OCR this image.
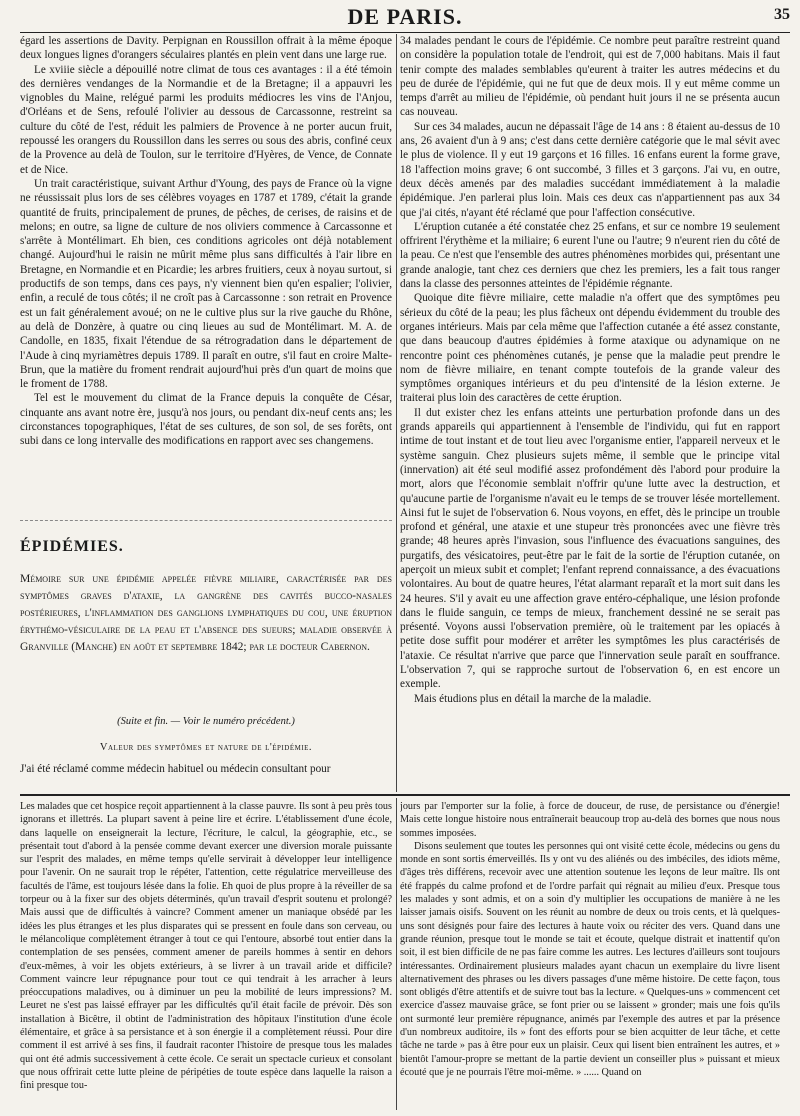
DE PARIS.	35

égard les assertions de Davity. Perpignan en Roussillon offrait à la même époque deux longues lignes d'orangers séculaires plantés en plein vent dans une large rue.

Le xviiie siècle a dépouillé notre climat de tous ces avantages : il a été témoin des dernières vendanges de la Normandie et de la Bretagne; il a appauvri les vignobles du Maine, relégué parmi les produits médiocres les vins de l'Anjou, d'Orléans et de Sens, refoulé l'olivier au dessous de Carcassonne, restreint sa culture du côté de l'est, réduit les palmiers de Provence à ne porter aucun fruit, repoussé les orangers du Roussillon dans les serres ou sous des abris, confiné ceux de la Provence au delà de Toulon, sur le territoire d'Hyères, de Vence, de Connate et de Nice.

Un trait caractéristique, suivant Arthur d'Young, des pays de France où la vigne ne réussissait plus lors de ses célèbres voyages en 1787 et 1789, c'était la grande quantité de fruits, principalement de prunes, de pêches, de cerises, de raisins et de melons; en outre, sa ligne de culture de nos oliviers commence à Carcassonne et s'arrête à Montélimart. Eh bien, ces conditions agricoles ont déjà notablement changé. Aujourd'hui le raisin ne mûrit même plus sans difficultés à l'air libre en Bretagne, en Normandie et en Picardie; les arbres fruitiers, ceux à noyau surtout, si productifs de son temps, dans ces pays, n'y viennent bien qu'en espalier; l'olivier, enfin, a reculé de tous côtés; il ne croît pas à Carcassonne : son retrait en Provence est un fait généralement avoué; on ne le cultive plus sur la rive gauche du Rhône, au delà de Donzère, à quatre ou cinq lieues au sud de Montélimart. M. A. de Candolle, en 1835, fixait l'étendue de sa rétrogradation dans le département de l'Aude à cinq myriamètres depuis 1789. Il paraît en outre, s'il faut en croire Malte-Brun, que la matière du froment rendrait aujourd'hui près d'un quart de moins que le froment de 1788.

Tel est le mouvement du climat de la France depuis la conquête de César, cinquante ans avant notre ère, jusqu'à nos jours, ou pendant dix-neuf cents ans; les circonstances topographiques, l'état de ses cultures, de son sol, de ses forêts, ont subi dans ce long intervalle des modifications en rapport avec ses changemens.

ÉPIDÉMIES.
Mémoire sur une épidémie appelée fièvre miliaire, caractérisée par des symptômes graves d'ataxie, la gangrène des cavités bucco-nasales postérieures, l'inflammation des ganglions lymphatiques du cou, une éruption érythémo-vésiculaire de la peau et l'absence des sueurs; maladie observée à Granville (Manche) en août et septembre 1842; par le docteur Cabernon.
(Suite et fin. — Voir le numéro précédent.)
Valeur des symptômes et nature de l'épidémie.
J'ai été réclamé comme médecin habituel ou médecin consultant pour

34 malades pendant le cours de l'épidémie. Ce nombre peut paraître restreint quand on considère la population totale de l'endroit, qui est de 7,000 habitans. Mais il faut tenir compte des malades semblables qu'eurent à traiter les autres médecins et du peu de durée de l'épidémie, qui ne fut que de deux mois. Il y eut même comme un temps d'arrêt au milieu de l'épidémie, où pendant huit jours il ne se présenta aucun cas nouveau.

Sur ces 34 malades, aucun ne dépassait l'âge de 14 ans : 8 étaient au-dessus de 10 ans, 26 avaient d'un à 9 ans; c'est dans cette dernière catégorie que le mal sévit avec le plus de violence. Il y eut 19 garçons et 16 filles. 16 enfans eurent la forme grave, 18 l'affection moins grave; 6 ont succombé, 3 filles et 3 garçons. J'ai vu, en outre, deux décès amenés par des maladies succédant immédiatement à la maladie épidémique. J'en parlerai plus loin. Mais ces deux cas n'appartiennent pas aux 34 que j'ai cités, n'ayant été réclamé que pour l'affection consécutive.

L'éruption cutanée a été constatée chez 25 enfans, et sur ce nombre 19 seulement offrirent l'érythème et la miliaire; 6 eurent l'une ou l'autre; 9 n'eurent rien du côté de la peau. Ce n'est que l'ensemble des autres phénomènes morbides qui, présentant une grande analogie, tant chez ces derniers que chez les premiers, les a fait tous ranger dans la classe des personnes atteintes de l'épidémie régnante.

Quoique dite fièvre miliaire, cette maladie n'a offert que des symptômes peu sérieux du côté de la peau; les plus fâcheux ont dépendu évidemment du trouble des organes intérieurs. Mais par cela même que l'affection cutanée a été assez constante, que dans beaucoup d'autres épidémies à forme ataxique ou adynamique on ne rencontre point ces phénomènes cutanés, je pense que la maladie peut prendre le nom de fièvre miliaire, en tenant compte toutefois de la grande valeur des symptômes organiques intérieurs et du peu d'intensité de la lésion externe. Je traiterai plus loin des caractères de cette éruption.

Il dut exister chez les enfans atteints une perturbation profonde dans un des grands appareils qui appartiennent à l'ensemble de l'individu, qui fut en rapport intime de tout instant et de tout lieu avec l'organisme entier, l'appareil nerveux et le système sanguin. Chez plusieurs sujets même, il semble que le principe vital (innervation) ait été seul modifié assez profondément dès l'abord pour produire la mort, alors que l'économie semblait n'offrir qu'une lutte avec la destruction, et qu'aucune partie de l'organisme n'avait eu le temps de se trouver lésée mortellement. Ainsi fut le sujet de l'observation 6. Nous voyons, en effet, dès le principe un trouble profond et général, une ataxie et une stupeur très prononcées avec une fièvre très grande; 48 heures après l'invasion, sous l'influence des évacuations sanguines, des purgatifs, des vésicatoires, peut-être par le fait de la sortie de l'éruption cutanée, on aperçoit un mieux subit et complet; l'enfant reprend connaissance, a des évacuations volontaires. Au bout de quatre heures, l'état alarmant reparaît et la mort suit dans les 24 heures. S'il y avait eu une affection grave entéro-céphalique, une lésion profonde dans le fluide sanguin, ce temps de mieux, franchement dessiné ne se serait pas présenté. Voyons aussi l'observation première, où le traitement par les opiacés à petite dose suffit pour modérer et arrêter les symptômes les plus caractérisés de l'ataxie. Ce résultat n'arrive que parce que l'innervation seule paraît en souffrance. L'observation 7, qui se rapproche surtout de l'observation 6, en est encore un exemple.

Mais étudions plus en détail la marche de la maladie.

Les malades que cet hospice reçoit appartiennent à la classe pauvre. Ils sont à peu près tous ignorans et illettrés. La plupart savent à peine lire et écrire. L'établissement d'une école, dans laquelle on enseignerait la lecture, l'écriture, le calcul, la géographie, etc., se présentait tout d'abord à la pensée comme devant exercer une diversion morale puissante sur l'esprit des malades, en même temps qu'elle servirait à développer leur intelligence pour l'avenir. On ne saurait trop le répéter, l'attention, cette régulatrice merveilleuse des facultés de l'âme, est toujours lésée dans la folie. Eh quoi de plus propre à la réveiller de sa torpeur ou à la fixer sur des objets déterminés, qu'un travail d'esprit soutenu et prolongé? Mais aussi que de difficultés à vaincre? Comment amener un maniaque obsédé par les idées les plus étranges et les plus disparates qui se pressent en foule dans son cerveau, ou le mélancolique complètement étranger à tout ce qui l'entoure, absorbé tout entier dans la contemplation de ses pensées, comment amener de pareils hommes à sentir en dehors d'eux-mêmes, à voir les objets extérieurs, à se livrer à un travail aride et difficile? Comment vaincre leur répugnance pour tout ce qui tendrait à les arracher à leurs préoccupations maladives, ou à diminuer un peu la mobilité de leurs impressions? M. Leuret ne s'est pas laissé effrayer par les difficultés qu'il était facile de prévoir. Dès son installation à Bicêtre, il obtint de l'administration des hôpitaux l'institution d'une école élémentaire, et grâce à sa persistance et à son énergie il a complètement réussi. Pour dire comment il est arrivé à ses fins, il faudrait raconter l'histoire de presque tous les malades qui ont été admis successivement à cette école. Ce serait un spectacle curieux et consolant que nous offrirait cette lutte pleine de péripéties de toute espèce dans laquelle la raison a fini presque tou-

jours par l'emporter sur la folie, à force de douceur, de ruse, de persistance ou d'énergie! Mais cette longue histoire nous entraînerait beaucoup trop au-delà des bornes que nous nous sommes imposées.

Disons seulement que toutes les personnes qui ont visité cette école, médecins ou gens du monde en sont sortis émerveillés. Ils y ont vu des aliénés ou des imbéciles, des idiots même, d'âges très différens, recevoir avec une attention soutenue les leçons de leur maître. Ils ont été frappés du calme profond et de l'ordre parfait qui régnait au milieu d'eux. Presque tous les malades y sont admis, et on a soin d'y multiplier les occupations de manière à ne les laisser jamais oisifs. Souvent on les réunit au nombre de deux ou trois cents, et là quelques-uns sont désignés pour faire des lectures à haute voix ou réciter des vers. Quand dans une grande réunion, presque tout le monde se tait et écoute, quelque distrait et inattentif qu'on soit, il est bien difficile de ne pas faire comme les autres. Les lectures d'ailleurs sont toujours intéressantes. Ordinairement plusieurs malades ayant chacun un exemplaire du livre lisent alternativement des phrases ou les divers passages d'une même histoire. De cette façon, tous sont obligés d'être attentifs et de suivre tout bas la lecture. « Quelques-uns » commencent cet exercice d'assez mauvaise grâce, se font prier ou se laissent » gronder; mais une fois qu'ils ont surmonté leur première répugnance, animés par l'exemple des autres et par la présence d'un nombreux auditoire, ils » font des efforts pour se bien acquitter de leur tâche, et cette tâche ne tarde » pas à être pour eux un plaisir. Ceux qui lisent bien entraînent les autres, et » bientôt l'amour-propre se mettant de la partie devient un conseiller plus » puissant et mieux écouté que je ne pourrais l'être moi-même. » ...... Quand on
